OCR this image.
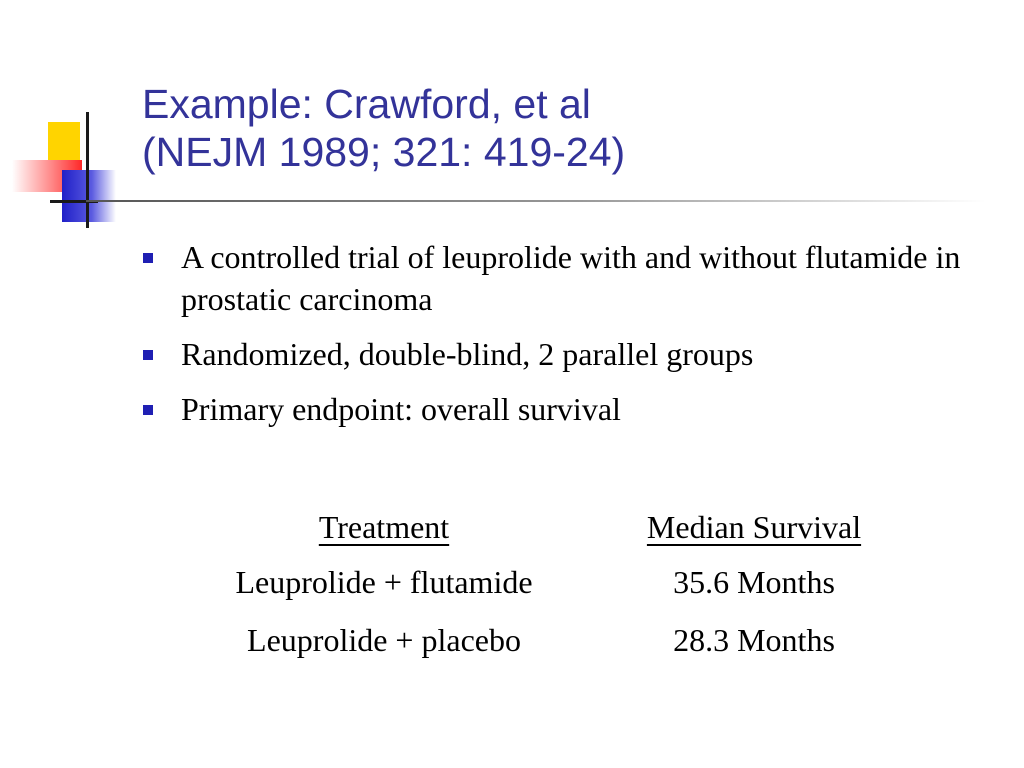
Example: Crawford, et al
(NEJM 1989; 321: 419-24)
A controlled trial of leuprolide with and without flutamide in prostatic carcinoma
Randomized, double-blind, 2 parallel groups
Primary endpoint: overall survival
Treatment	Median Survival
Leuprolide + flutamide	35.6 Months
Leuprolide + placebo	28.3 Months
